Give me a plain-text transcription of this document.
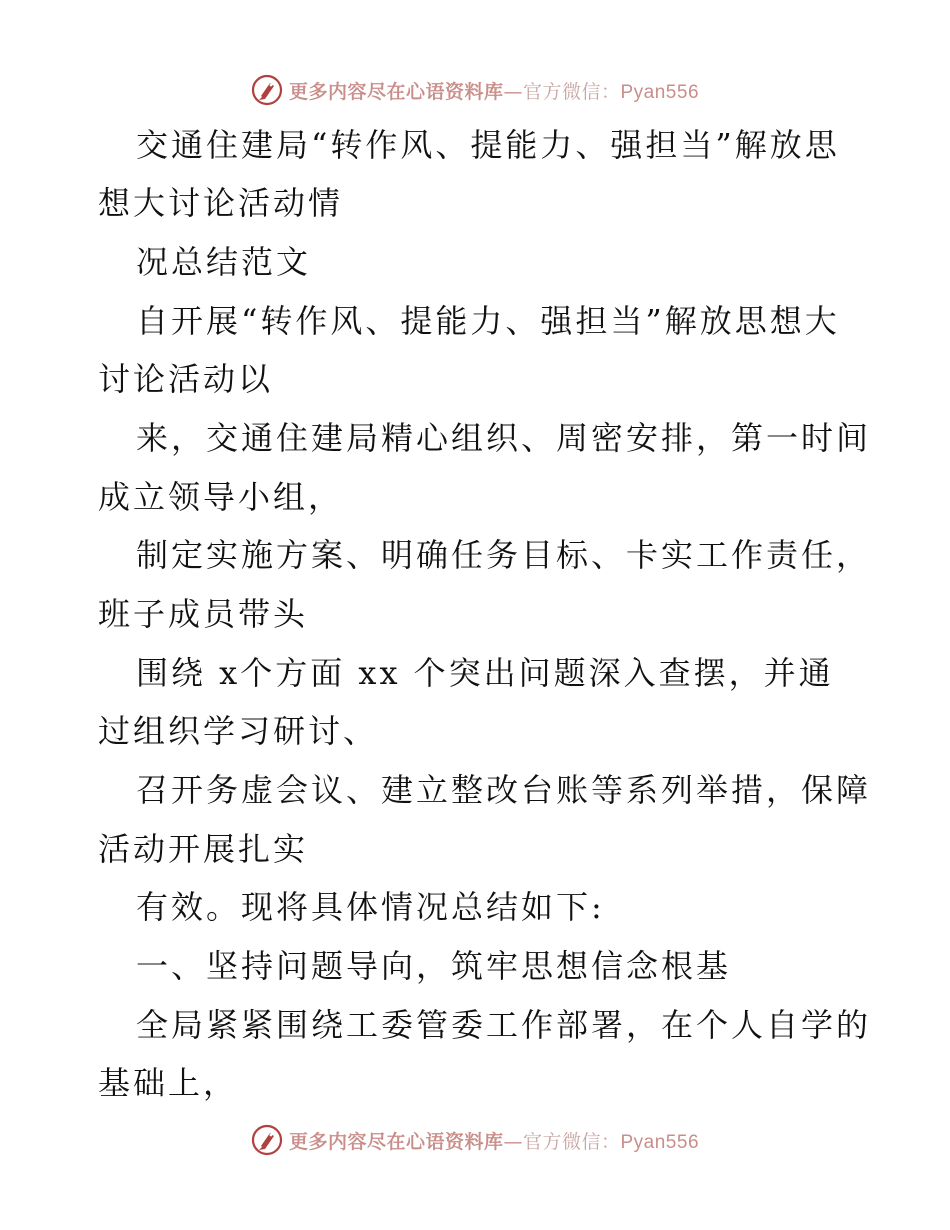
更多内容尽在心语资料库—官方微信：Pyan556
交通住建局“转作风、提能力、强担当”解放思
想大讨论活动情
况总结范文
自开展“转作风、提能力、强担当”解放思想大
讨论活动以
来，交通住建局精心组织、周密安排，第一时间
成立领导小组，
制定实施方案、明确任务目标、卡实工作责任，
班子成员带头
围绕 x个方面 xx 个突出问题深入查摆，并通
过组织学习研讨、
召开务虚会议、建立整改台账等系列举措，保障
活动开展扎实
有效。现将具体情况总结如下:
一、坚持问题导向，筑牢思想信念根基
全局紧紧围绕工委管委工作部署，在个人自学的
基础上，
更多内容尽在心语资料库—官方微信：Pyan556
